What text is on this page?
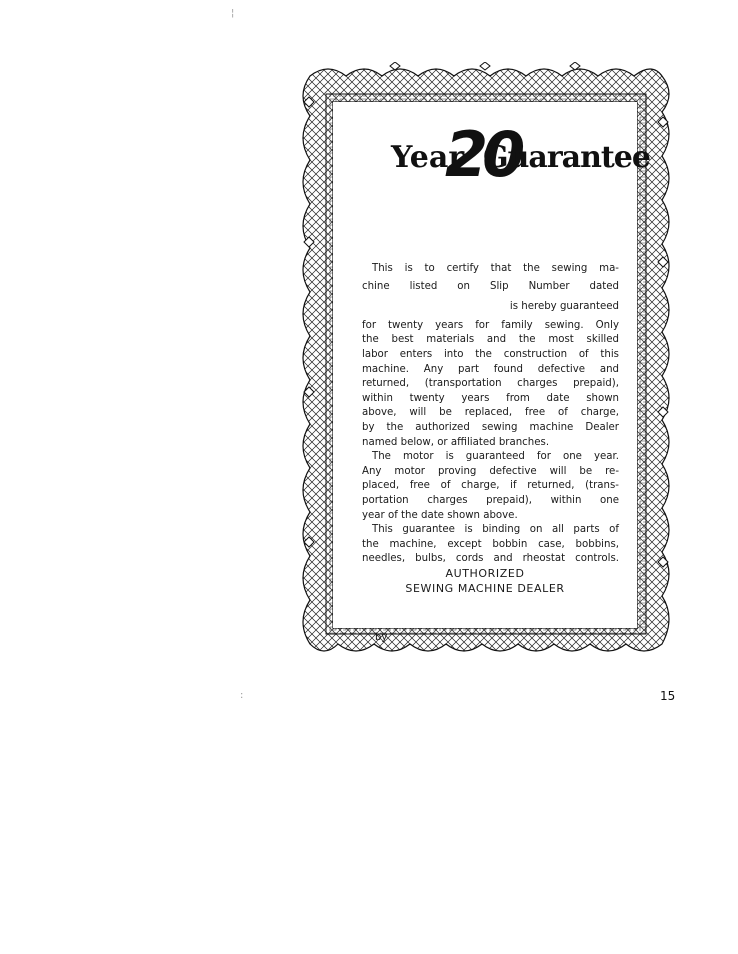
¦
:
Year
20
Guarantee
This is to certify that the sewing ma-
chine listed on Slip Number dated
is hereby guaranteed
for twenty years for family sewing. Only
the best materials and the most skilled
labor enters into the construction of this
machine. Any part found defective and
returned, (transportation charges prepaid),
within twenty years from date shown
above, will be replaced, free of charge,
by the authorized sewing machine Dealer
named below, or affiliated branches.
The motor is guaranteed for one year.
Any motor proving defective will be re-
placed, free of charge, if returned, (trans-
portation charges prepaid), within one
year of the date shown above.
This guarantee is binding on all parts of
the machine, except bobbin case, bobbins,
needles, bulbs, cords and rheostat controls.
AUTHORIZED
SEWING MACHINE DEALER
by
15
